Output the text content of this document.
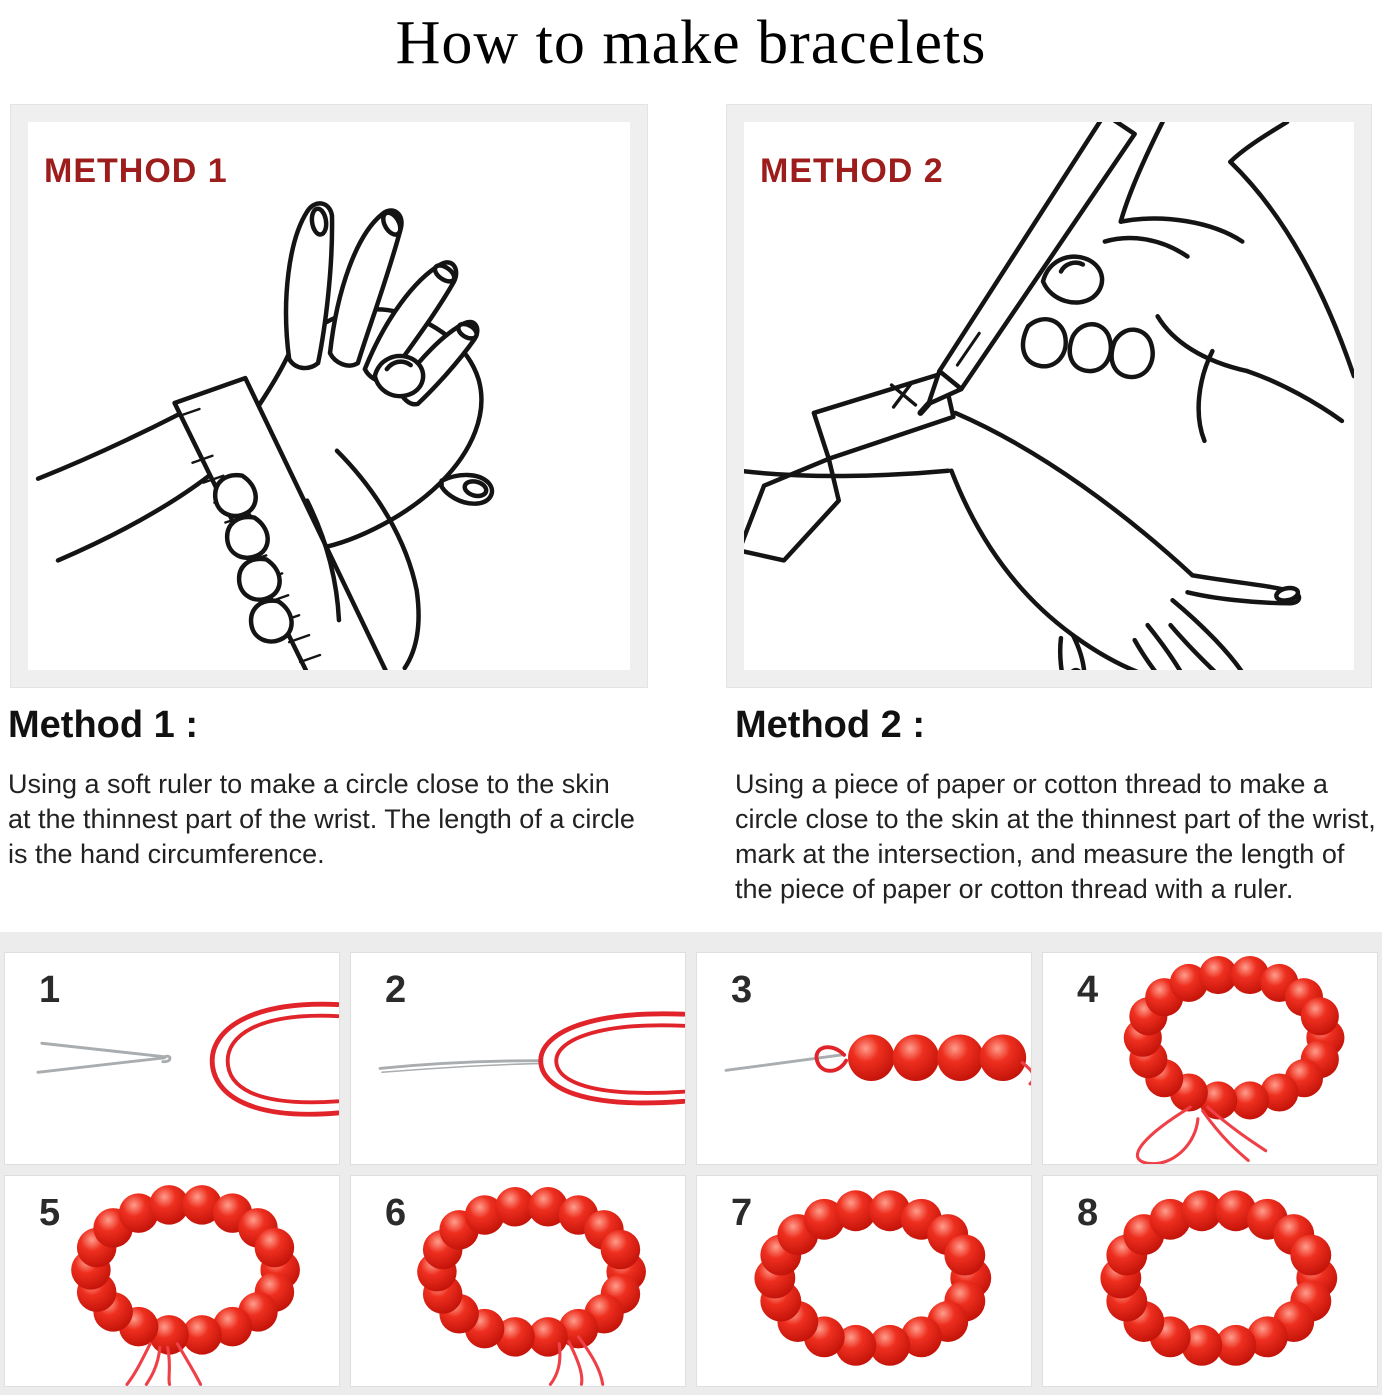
How to make bracelets
METHOD 1	METHOD 2
Method 1 :

Using a soft ruler to make a circle close to the skin at the thinnest part of the wrist. The length of a circle is the hand circumference.

Method 2 :

Using a piece of paper or cotton thread to make a circle close to the skin at the thinnest part of the wrist, mark at the intersection, and measure the length of the piece of paper or cotton thread with a ruler.

1	2	3	4
5	6	7	8
